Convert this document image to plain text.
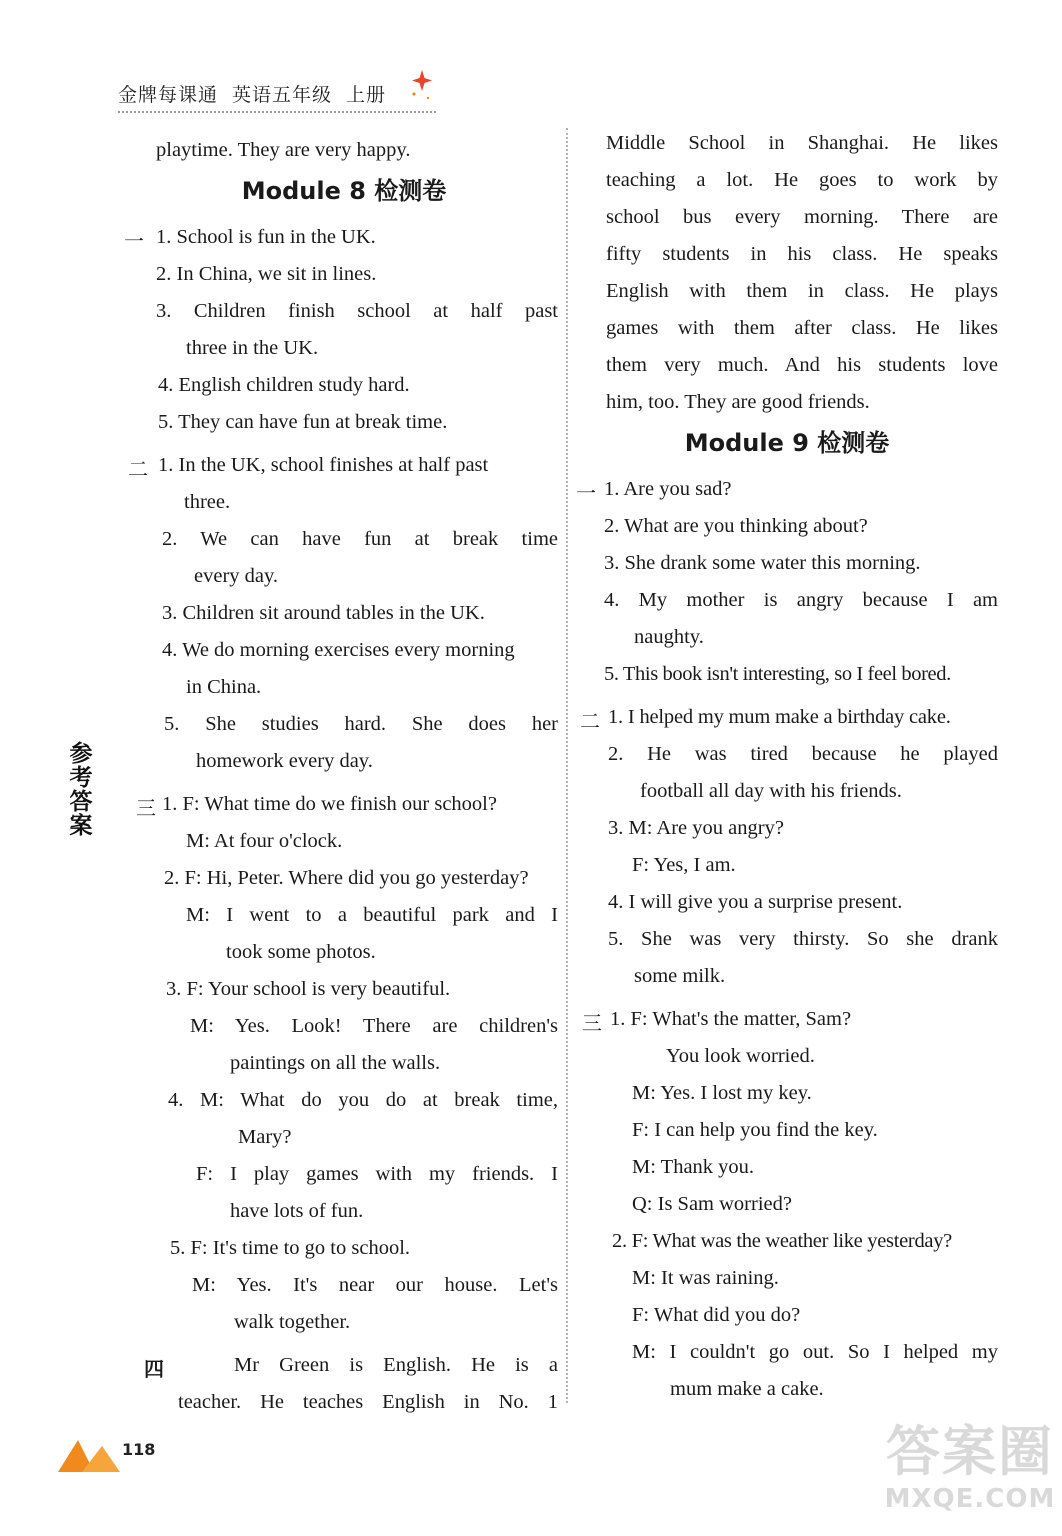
金牌每课通 英语五年级 上册
参
考
答
案
playtime. They are very happy.
Module 8 检测卷
一 1. School is fun in the UK.
2. In China, we sit in lines.
3. Children finish school at half past
three in the UK.
4. English children study hard.
5. They can have fun at break time.
二 1. In the UK, school finishes at half past
three.
2. We can have fun at break time
every day.
3. Children sit around tables in the UK.
4. We do morning exercises every morning
in China.
5. She studies hard. She does her
homework every day.
三 1. F: What time do we finish our school?
M: At four o'clock.
2. F: Hi, Peter. Where did you go yesterday?
M: I went to a beautiful park and I
took some photos.
3. F: Your school is very beautiful.
M: Yes. Look! There are children's
paintings on all the walls.
4. M: What do you do at break time,
Mary?
F: I play games with my friends. I
have lots of fun.
5. F: It's time to go to school.
M: Yes. It's near our house. Let's
walk together.
四	Mr Green is English. He is a
teacher. He teaches English in No. 1
Middle School in Shanghai. He likes
teaching a lot. He goes to work by
school bus every morning. There are
fifty students in his class. He speaks
English with them in class. He plays
games with them after class. He likes
them very much. And his students love
him, too. They are good friends.
Module 9 检测卷
一 1. Are you sad?
2. What are you thinking about?
3. She drank some water this morning.
4. My mother is angry because I am
naughty.
5. This book isn't interesting, so I feel bored.
二 1. I helped my mum make a birthday cake.
2. He was tired because he played
football all day with his friends.
3. M: Are you angry?
F: Yes, I am.
4. I will give you a surprise present.
5. She was very thirsty. So she drank
some milk.
三 1. F: What's the matter, Sam?
You look worried.
M: Yes. I lost my key.
F: I can help you find the key.
M: Thank you.
Q: Is Sam worried?
2. F: What was the weather like yesterday?
M: It was raining.
F: What did you do?
M: I couldn't go out. So I helped my
mum make a cake.
118	答案圈
MXQE.COM
